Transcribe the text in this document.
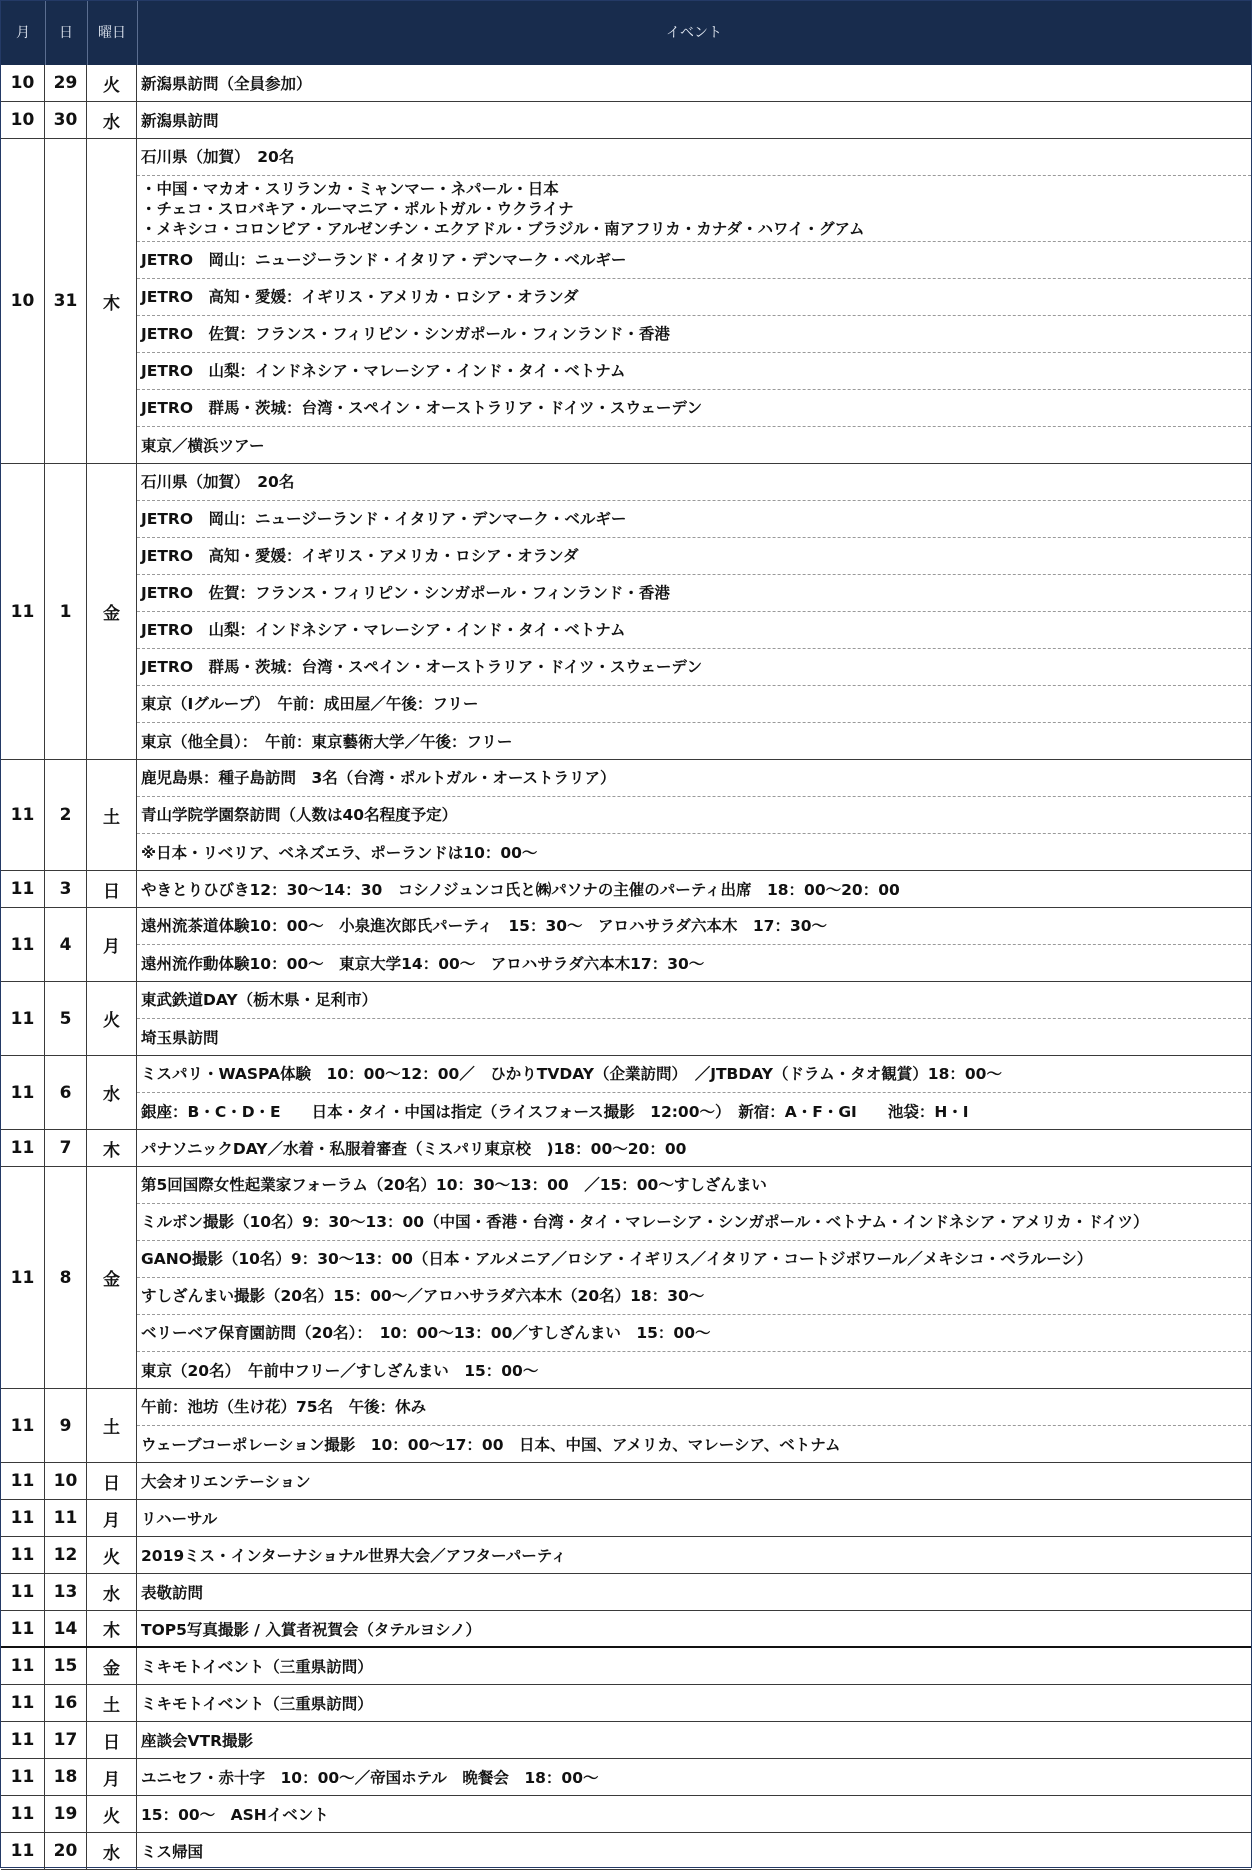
月	日	曜日	イベント
10	29	火	新潟県訪問（全員参加）
10	30	水	新潟県訪問
10	31	木
石川県（加賀）　20名
・中国・マカオ・スリランカ・ミャンマー・ネパール・日本
・チェコ・スロバキア・ルーマニア・ポルトガル・ウクライナ
・メキシコ・コロンビア・アルゼンチン・エクアドル・ブラジル・南アフリカ・カナダ・ハワイ・グアム
JETRO　岡山：ニュージーランド・イタリア・デンマーク・ベルギー
JETRO　高知・愛媛：イギリス・アメリカ・ロシア・オランダ
JETRO　佐賀：フランス・フィリピン・シンガポール・フィンランド・香港
JETRO　山梨：インドネシア・マレーシア・インド・タイ・ベトナム
JETRO　群馬・茨城：台湾・スペイン・オーストラリア・ドイツ・スウェーデン
東京／横浜ツアー
11	1	金
石川県（加賀）　20名
JETRO　岡山：ニュージーランド・イタリア・デンマーク・ベルギー
JETRO　高知・愛媛：イギリス・アメリカ・ロシア・オランダ
JETRO　佐賀：フランス・フィリピン・シンガポール・フィンランド・香港
JETRO　山梨：インドネシア・マレーシア・インド・タイ・ベトナム
JETRO　群馬・茨城：台湾・スペイン・オーストラリア・ドイツ・スウェーデン
東京（Iグループ）　午前：成田屋／午後：フリー
東京（他全員）：　午前：東京藝術大学／午後：フリー
11	2	土
鹿児島県：種子島訪問　3名（台湾・ポルトガル・オーストラリア）
青山学院学園祭訪問（人数は40名程度予定）
※日本・リベリア、ベネズエラ、ポーランドは10：00～
11	3	日	やきとりひびき12：30～14：30　コシノジュンコ氏と㈱パソナの主催のパーティ出席　18：00～20：00
11	4	月
遠州流茶道体験10：00～　小泉進次郎氏パーティ　15：30～　アロハサラダ六本木　17：30～
遠州流作動体験10：00～　東京大学14：00～　アロハサラダ六本木17：30～
11	5	火
東武鉄道DAY（栃木県・足利市）
埼玉県訪問
11	6	水
ミスパリ・WASPA体験　10：00～12：00／　ひかりTVDAY（企業訪問）　／JTBDAY（ドラム・タオ観賞）18：00～
銀座：B・C・D・E　　日本・タイ・中国は指定（ライスフォース撮影　12:00～）　新宿：A・F・GI　　池袋：H・I
11	7	木	パナソニックDAY／水着・私服着審査（ミスパリ東京校　)18：00～20：00
11	8	金
第5回国際女性起業家フォーラム（20名）10：30～13：00　／15：00～すしざんまい
ミルボン撮影（10名）9：30～13：00（中国・香港・台湾・タイ・マレーシア・シンガポール・ベトナム・インドネシア・アメリカ・ドイツ）
GANO撮影（10名）9：30～13：00（日本・アルメニア／ロシア・イギリス／イタリア・コートジボワール／メキシコ・ベラルーシ）
すしざんまい撮影（20名）15：00～／アロハサラダ六本木（20名）18：30～
ベリーベア保育園訪問（20名）：　10：00～13：00／すしざんまい　15：00～
東京（20名）　午前中フリー／すしざんまい　15：00～
11	9	土
午前：池坊（生け花）75名　午後：休み
ウェーブコーポレーション撮影　10：00～17：00　日本、中国、アメリカ、マレーシア、ベトナム
11	10	日	大会オリエンテーション
11	11	月	リハーサル
11	12	火	2019ミス・インターナショナル世界大会／アフターパーティ
11	13	水	表敬訪問
11	14	木	TOP5写真撮影 / 入賞者祝賀会（タテルヨシノ）
11	15	金	ミキモトイベント（三重県訪問）
11	16	土	ミキモトイベント（三重県訪問）
11	17	日	座談会VTR撮影
11	18	月	ユニセフ・赤十字　10：00～／帝国ホテル　晩餐会　18：00～
11	19	火	15：00～　ASHイベント
11	20	水	ミス帰国
